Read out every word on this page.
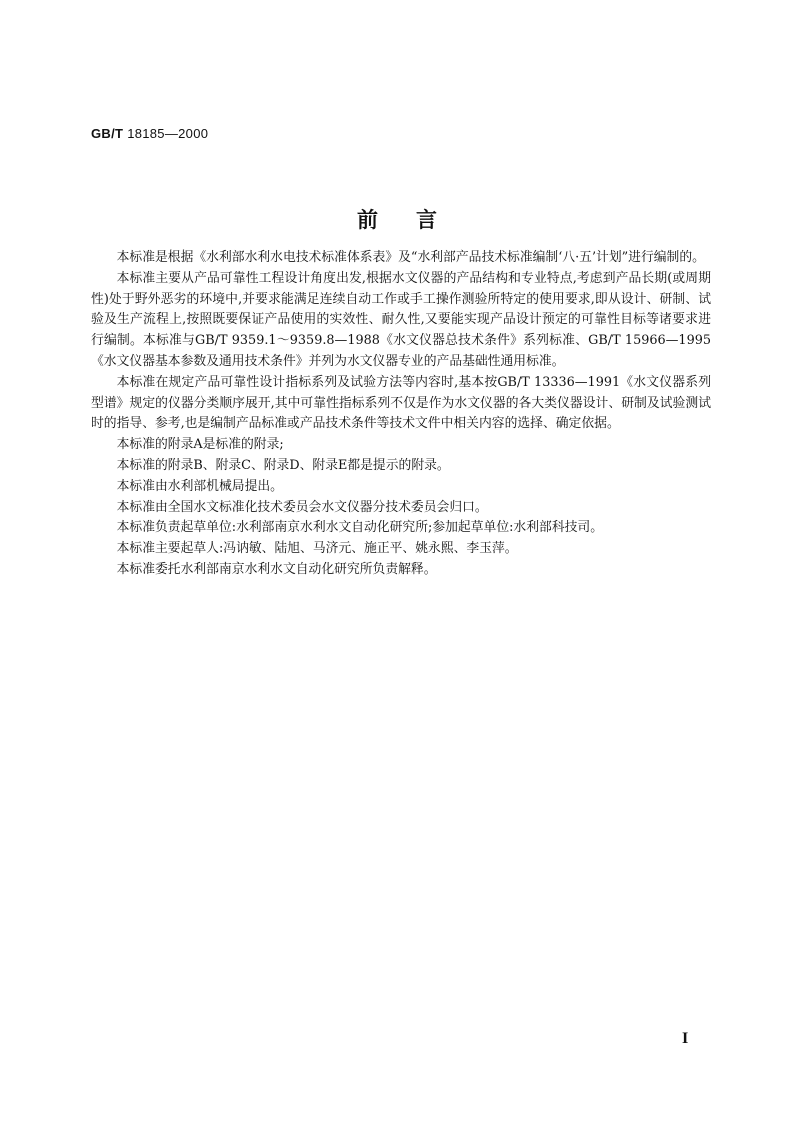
GB/T 18185—2000
前言

本标准是根据《水利部水利水电技术标准体系表》及“水利部产品技术标准编制‘八·五’计划”进行编制的。

本标准主要从产品可靠性工程设计角度出发,根据水文仪器的产品结构和专业特点,考虑到产品长期(或周期性)处于野外恶劣的环境中,并要求能满足连续自动工作或手工操作测验所特定的使用要求,即从设计、研制、试验及生产流程上,按照既要保证产品使用的实效性、耐久性,又要能实现产品设计预定的可靠性目标等诸要求进行编制。本标准与GB/T 9359.1～9359.8—1988《水文仪器总技术条件》系列标准、GB/T 15966—1995《水文仪器基本参数及通用技术条件》并列为水文仪器专业的产品基础性通用标准。

本标准在规定产品可靠性设计指标系列及试验方法等内容时,基本按GB/T 13336—1991《水文仪器系列型谱》规定的仪器分类顺序展开,其中可靠性指标系列不仅是作为水文仪器的各大类仪器设计、研制及试验测试时的指导、参考,也是编制产品标准或产品技术条件等技术文件中相关内容的选择、确定依据。

本标准的附录A是标准的附录;

本标准的附录B、附录C、附录D、附录E都是提示的附录。

本标准由水利部机械局提出。

本标准由全国水文标准化技术委员会水文仪器分技术委员会归口。

本标准负责起草单位:水利部南京水利水文自动化研究所;参加起草单位:水利部科技司。

本标准主要起草人:冯讷敏、陆旭、马济元、施正平、姚永熙、李玉萍。

本标准委托水利部南京水利水文自动化研究所负责解释。

I
